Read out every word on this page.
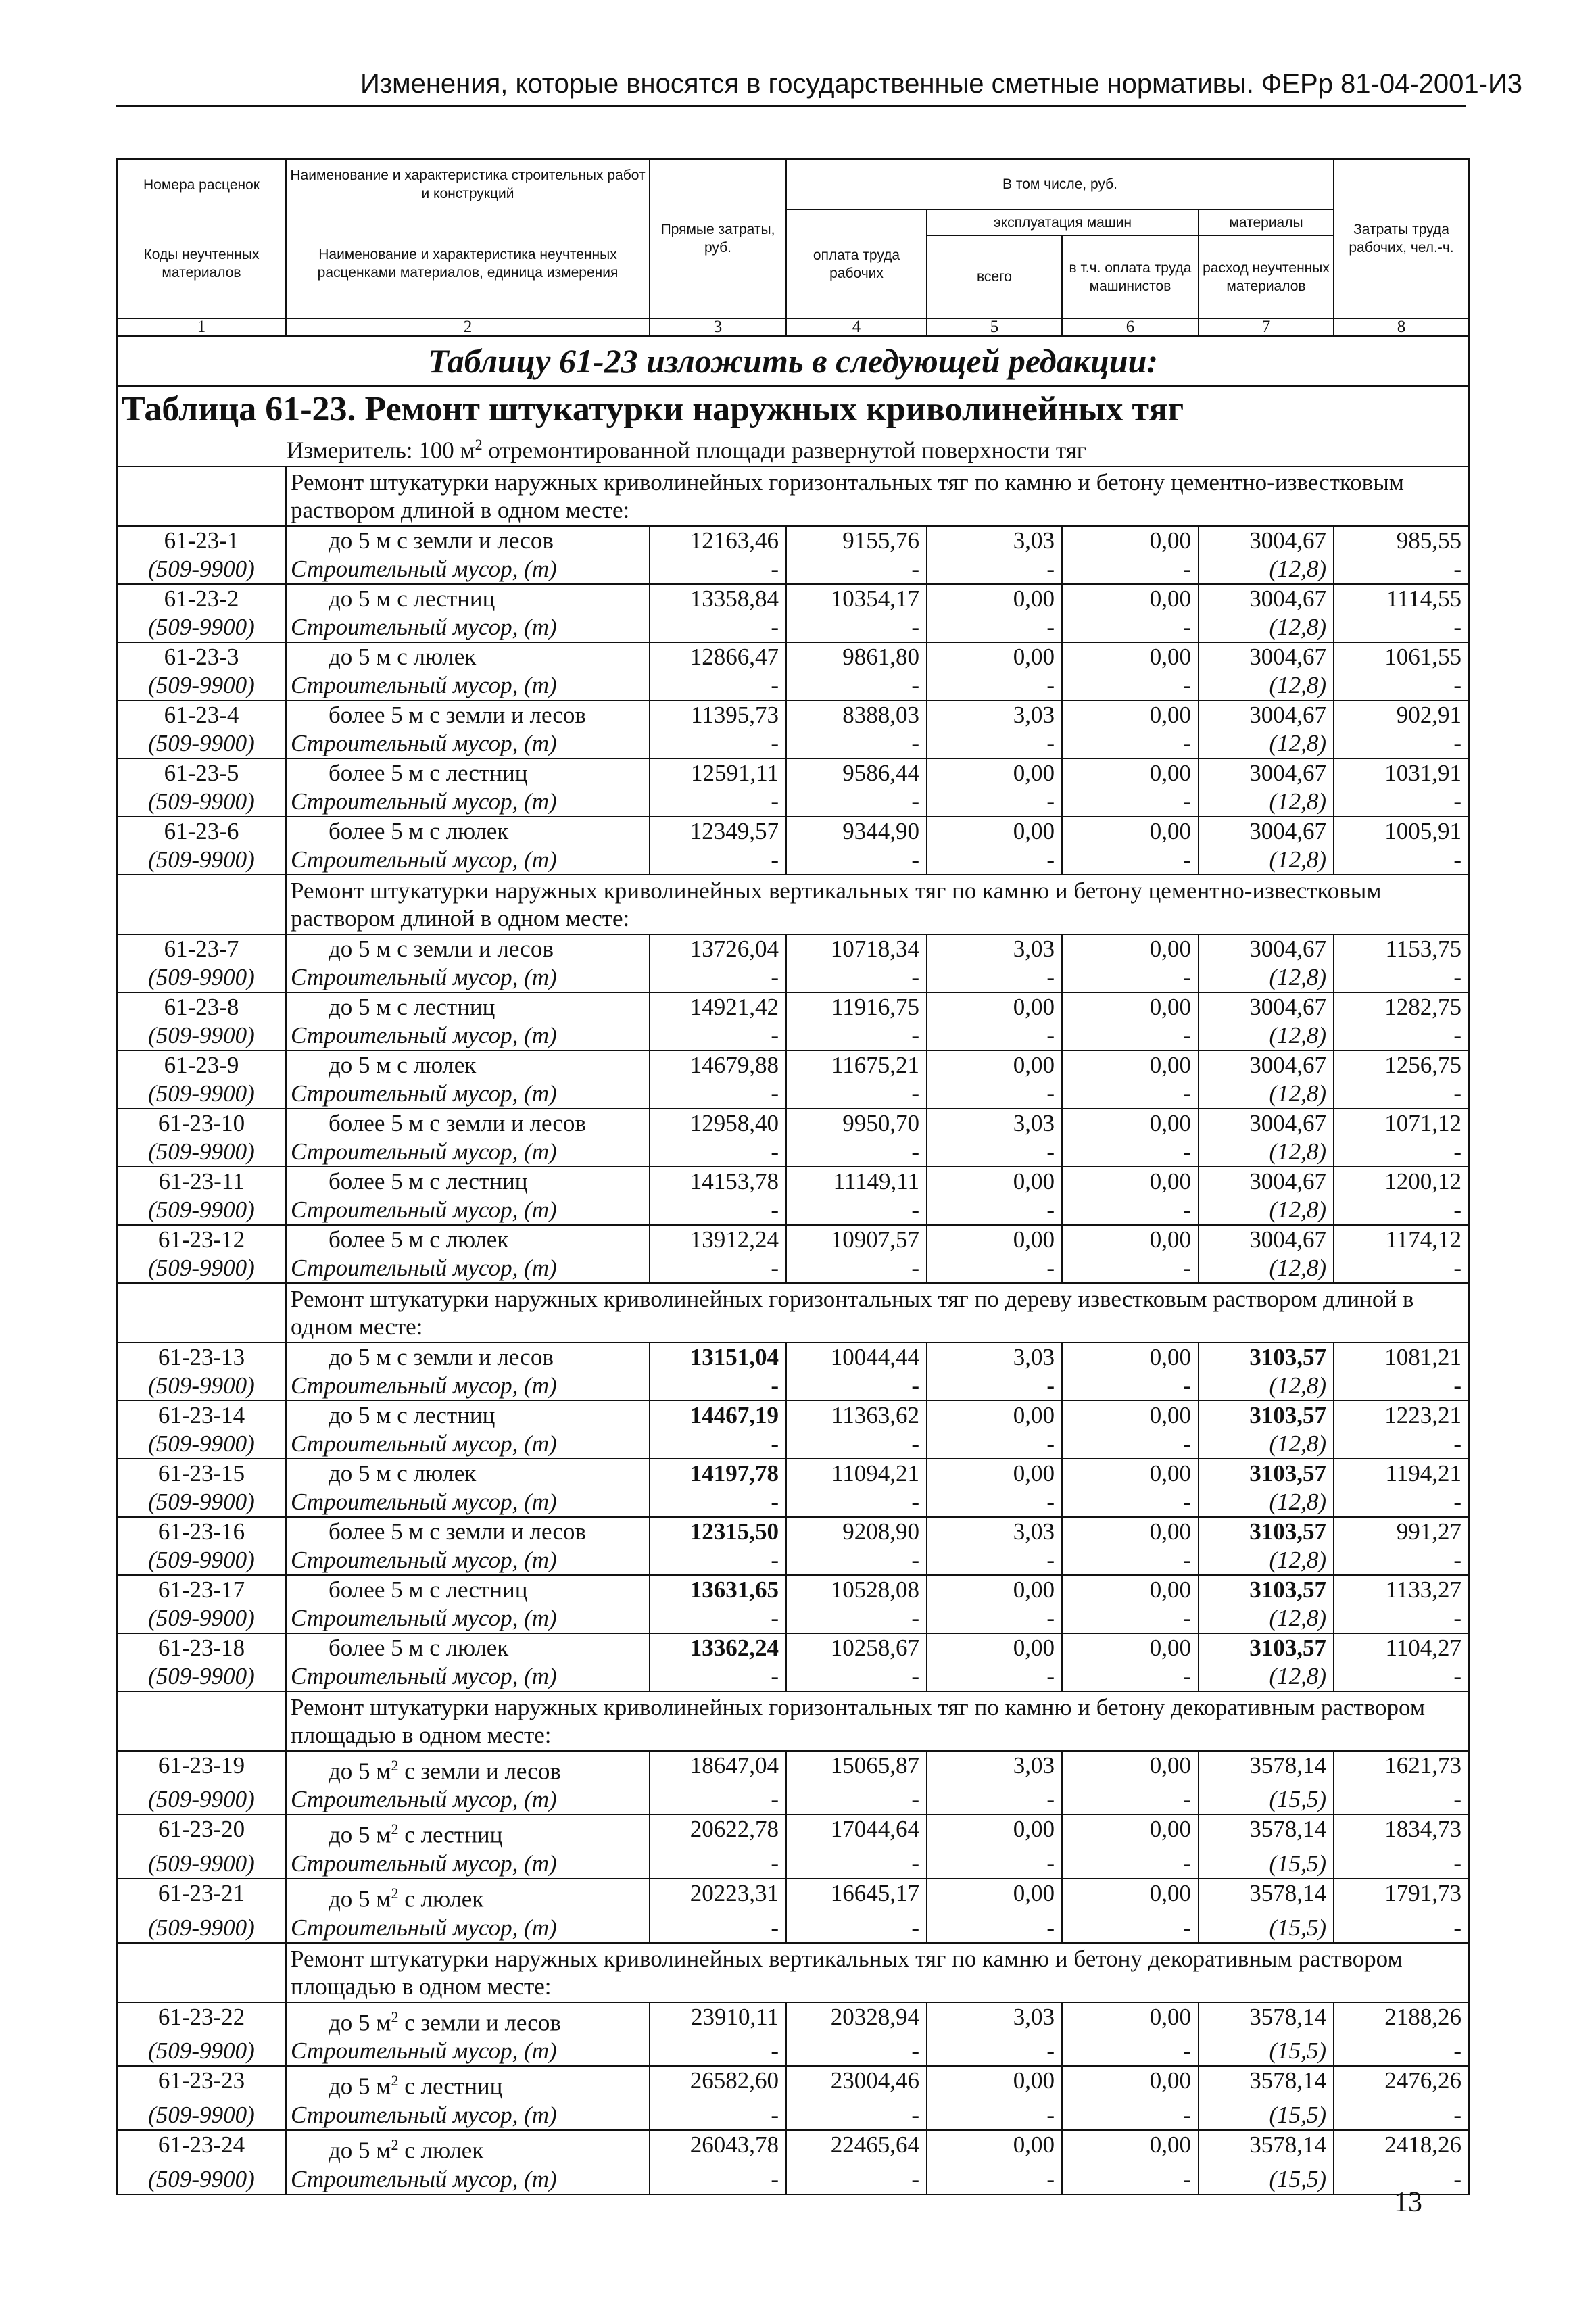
Изменения, которые вносятся в государственные сметные нормативы. ФЕРр 81-04-2001-И3
Номера расценок	Наименование и характеристика строительных работ и конструкций	Прямые затраты, руб.	В том числе, руб.				Затраты труда рабочих, чел.-ч.
Коды неучтенных материалов	Наименование и характеристика неучтенных расценками материалов, единица измерения		оплата труда рабочих	эксплуатация машин		материалы	
				всего	в т.ч. оплата труда машинистов	расход неучтенных материалов	
1	2	3	4	5	6	7	8
Таблицу 61-23 изложить в следующей редакции:							
Таблица 61-23. Ремонт штукатурки наружных криволинейных тяг							
Измеритель: 100 $м^2$ отремонтированной площади развернутой поверхности тяг							
	Ремонт штукатурки наружных криволинейных горизонтальных тяг по камню и бетону цементно-известковым раствором длиной в одном месте:						
61-23-1	до 5 м с земли и лесов	12163,46	9155,76	3,03	0,00	3004,67	985,55
(509-9900)	Строительный мусор, (т)	-	-	-	-	(12,8)	-
61-23-2	до 5 м с лестниц	13358,84	10354,17	0,00	0,00	3004,67	1114,55
(509-9900)	Строительный мусор, (т)	-	-	-	-	(12,8)	-
61-23-3	до 5 м с люлек	12866,47	9861,80	0,00	0,00	3004,67	1061,55
(509-9900)	Строительный мусор, (т)	-	-	-	-	(12,8)	-
61-23-4	более 5 м с земли и лесов	11395,73	8388,03	3,03	0,00	3004,67	902,91
(509-9900)	Строительный мусор, (т)	-	-	-	-	(12,8)	-
61-23-5	более 5 м с лестниц	12591,11	9586,44	0,00	0,00	3004,67	1031,91
(509-9900)	Строительный мусор, (т)	-	-	-	-	(12,8)	-
61-23-6	более 5 м с люлек	12349,57	9344,90	0,00	0,00	3004,67	1005,91
(509-9900)	Строительный мусор, (т)	-	-	-	-	(12,8)	-
	Ремонт штукатурки наружных криволинейных вертикальных тяг по камню и бетону цементно-известковым раствором длиной в одном месте:						
61-23-7	до 5 м с земли и лесов	13726,04	10718,34	3,03	0,00	3004,67	1153,75
(509-9900)	Строительный мусор, (т)	-	-	-	-	(12,8)	-
61-23-8	до 5 м с лестниц	14921,42	11916,75	0,00	0,00	3004,67	1282,75
(509-9900)	Строительный мусор, (т)	-	-	-	-	(12,8)	-
61-23-9	до 5 м с люлек	14679,88	11675,21	0,00	0,00	3004,67	1256,75
(509-9900)	Строительный мусор, (т)	-	-	-	-	(12,8)	-
61-23-10	более 5 м с земли и лесов	12958,40	9950,70	3,03	0,00	3004,67	1071,12
(509-9900)	Строительный мусор, (т)	-	-	-	-	(12,8)	-
61-23-11	более 5 м с лестниц	14153,78	11149,11	0,00	0,00	3004,67	1200,12
(509-9900)	Строительный мусор, (т)	-	-	-	-	(12,8)	-
61-23-12	более 5 м с люлек	13912,24	10907,57	0,00	0,00	3004,67	1174,12
(509-9900)	Строительный мусор, (т)	-	-	-	-	(12,8)	-
	Ремонт штукатурки наружных криволинейных горизонтальных тяг по дереву известковым раствором длиной в одном месте:						
61-23-13	до 5 м с земли и лесов	13151,04	10044,44	3,03	0,00	3103,57	1081,21
(509-9900)	Строительный мусор, (т)	-	-	-	-	(12,8)	-
61-23-14	до 5 м с лестниц	14467,19	11363,62	0,00	0,00	3103,57	1223,21
(509-9900)	Строительный мусор, (т)	-	-	-	-	(12,8)	-
61-23-15	до 5 м с люлек	14197,78	11094,21	0,00	0,00	3103,57	1194,21
(509-9900)	Строительный мусор, (т)	-	-	-	-	(12,8)	-
61-23-16	более 5 м с земли и лесов	12315,50	9208,90	3,03	0,00	3103,57	991,27
(509-9900)	Строительный мусор, (т)	-	-	-	-	(12,8)	-
61-23-17	более 5 м с лестниц	13631,65	10528,08	0,00	0,00	3103,57	1133,27
(509-9900)	Строительный мусор, (т)	-	-	-	-	(12,8)	-
61-23-18	более 5 м с люлек	13362,24	10258,67	0,00	0,00	3103,57	1104,27
(509-9900)	Строительный мусор, (т)	-	-	-	-	(12,8)	-
	Ремонт штукатурки наружных криволинейных горизонтальных тяг по камню и бетону декоративным раствором площадью в одном месте:						
61-23-19	до 5 $м^2$ с земли и лесов	18647,04	15065,87	3,03	0,00	3578,14	1621,73
(509-9900)	Строительный мусор, (т)	-	-	-	-	(15,5)	-
61-23-20	до 5 $м^2$ с лестниц	20622,78	17044,64	0,00	0,00	3578,14	1834,73
(509-9900)	Строительный мусор, (т)	-	-	-	-	(15,5)	-
61-23-21	до 5 $м^2$ с люлек	20223,31	16645,17	0,00	0,00	3578,14	1791,73
(509-9900)	Строительный мусор, (т)	-	-	-	-	(15,5)	-
	Ремонт штукатурки наружных криволинейных вертикальных тяг по камню и бетону декоративным раствором площадью в одном месте:						
61-23-22	до 5 $м^2$ с земли и лесов	23910,11	20328,94	3,03	0,00	3578,14	2188,26
(509-9900)	Строительный мусор, (т)	-	-	-	-	(15,5)	-
61-23-23	до 5 $м^2$ с лестниц	26582,60	23004,46	0,00	0,00	3578,14	2476,26
(509-9900)	Строительный мусор, (т)	-	-	-	-	(15,5)	-
61-23-24	до 5 $м^2$ с люлек	26043,78	22465,64	0,00	0,00	3578,14	2418,26
(509-9900)	Строительный мусор, (т)	-	-	-	-	(15,5)	-
13
